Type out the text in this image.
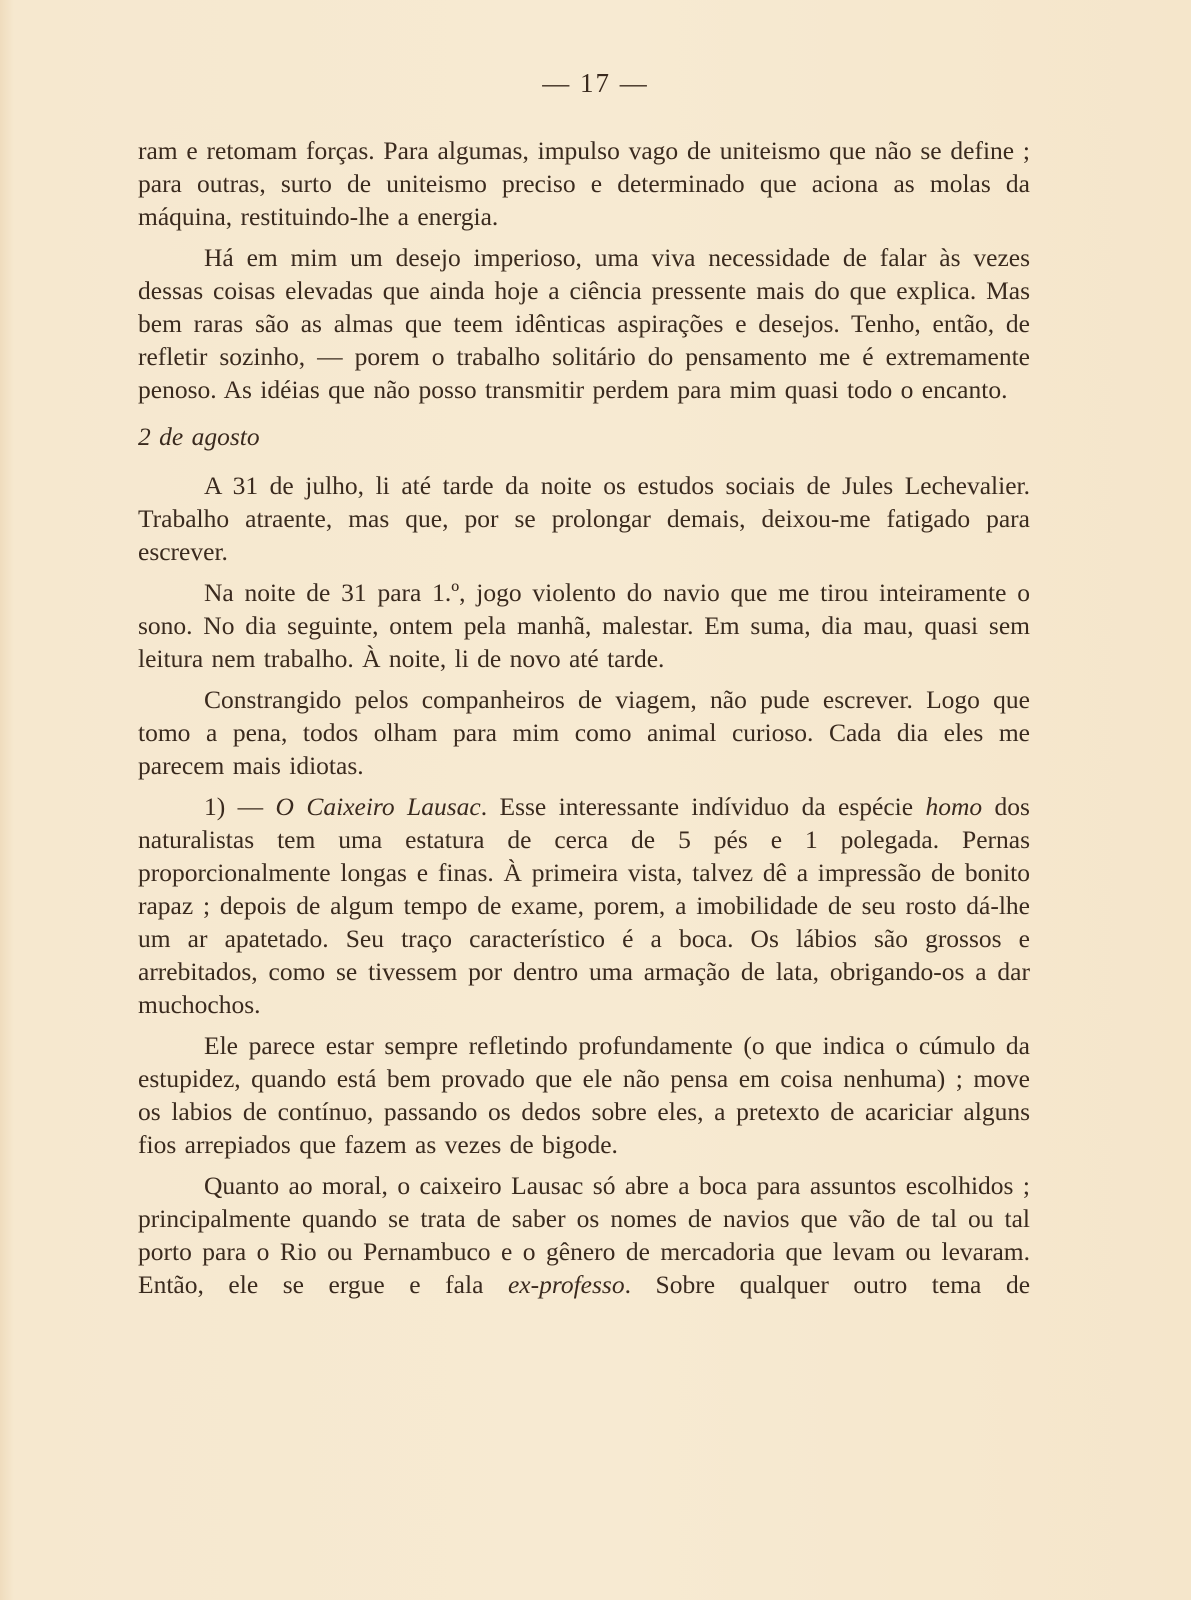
— 17 —

ram e retomam forças. Para algumas, impulso vago de uniteismo que não se define ; para outras, surto de uniteismo preciso e determinado que aciona as molas da máquina, restituindo-lhe a energia.

Há em mim um desejo imperioso, uma viva necessidade de falar às vezes dessas coisas elevadas que ainda hoje a ciência pressente mais do que explica. Mas bem raras são as almas que teem idênticas aspirações e desejos. Tenho, então, de refletir sozinho, — porem o trabalho solitário do pensamento me é extremamente penoso. As idéias que não posso transmitir perdem para mim quasi todo o encanto.

2 de agosto

A 31 de julho, li até tarde da noite os estudos sociais de Jules Lechevalier. Trabalho atraente, mas que, por se prolongar demais, deixou-me fatigado para escrever.

Na noite de 31 para 1.º, jogo violento do navio que me tirou inteiramente o sono. No dia seguinte, ontem pela manhã, malestar. Em suma, dia mau, quasi sem leitura nem trabalho. À noite, li de novo até tarde.

Constrangido pelos companheiros de viagem, não pude escrever. Logo que tomo a pena, todos olham para mim como animal curioso. Cada dia eles me parecem mais idiotas.

1) — O Caixeiro Lausac. Esse interessante indíviduo da espécie homo dos naturalistas tem uma estatura de cerca de 5 pés e 1 polegada. Pernas proporcionalmente longas e finas. À primeira vista, talvez dê a impressão de bonito rapaz ; depois de algum tempo de exame, porem, a imobilidade de seu rosto dá-lhe um ar apatetado. Seu traço característico é a boca. Os lábios são grossos e arrebitados, como se tivessem por dentro uma armação de lata, obrigando-os a dar muchochos.

Ele parece estar sempre refletindo profundamente (o que indica o cúmulo da estupidez, quando está bem provado que ele não pensa em coisa nenhuma) ; move os labios de contínuo, passando os dedos sobre eles, a pretexto de acariciar alguns fios arrepiados que fazem as vezes de bigode.

Quanto ao moral, o caixeiro Lausac só abre a boca para assuntos escolhidos ; principalmente quando se trata de saber os nomes de navios que vão de tal ou tal porto para o Rio ou Pernambuco e o gênero de mercadoria que levam ou levaram. Então, ele se ergue e fala ex-professo. Sobre qualquer outro tema de
